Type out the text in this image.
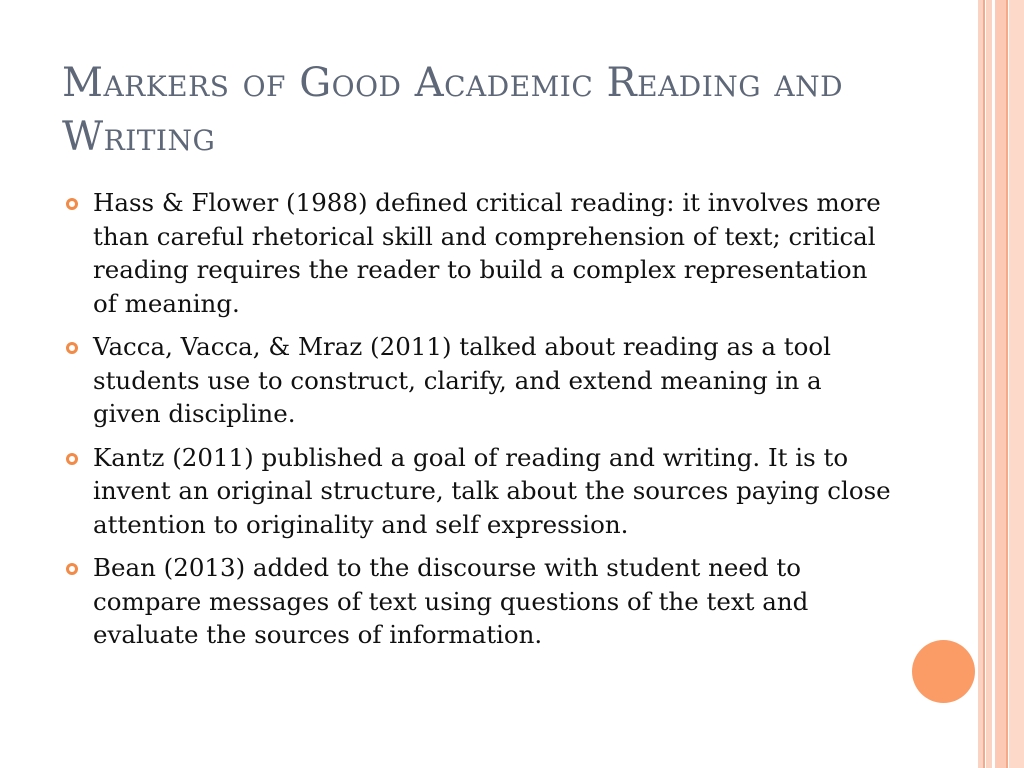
Markers of Good Academic Reading and Writing
Hass & Flower (1988) defined critical reading: it involves more than careful rhetorical skill and comprehension of text; critical reading requires the reader to build a complex representation of meaning.
Vacca, Vacca, & Mraz (2011) talked about reading as a tool students use to construct, clarify, and extend meaning in a given discipline.
Kantz (2011) published a goal of reading and writing. It is to invent an original structure, talk about the sources paying close attention to originality and self expression.
Bean (2013) added to the discourse with student need to compare messages of text using questions of the text and evaluate the sources of information.
